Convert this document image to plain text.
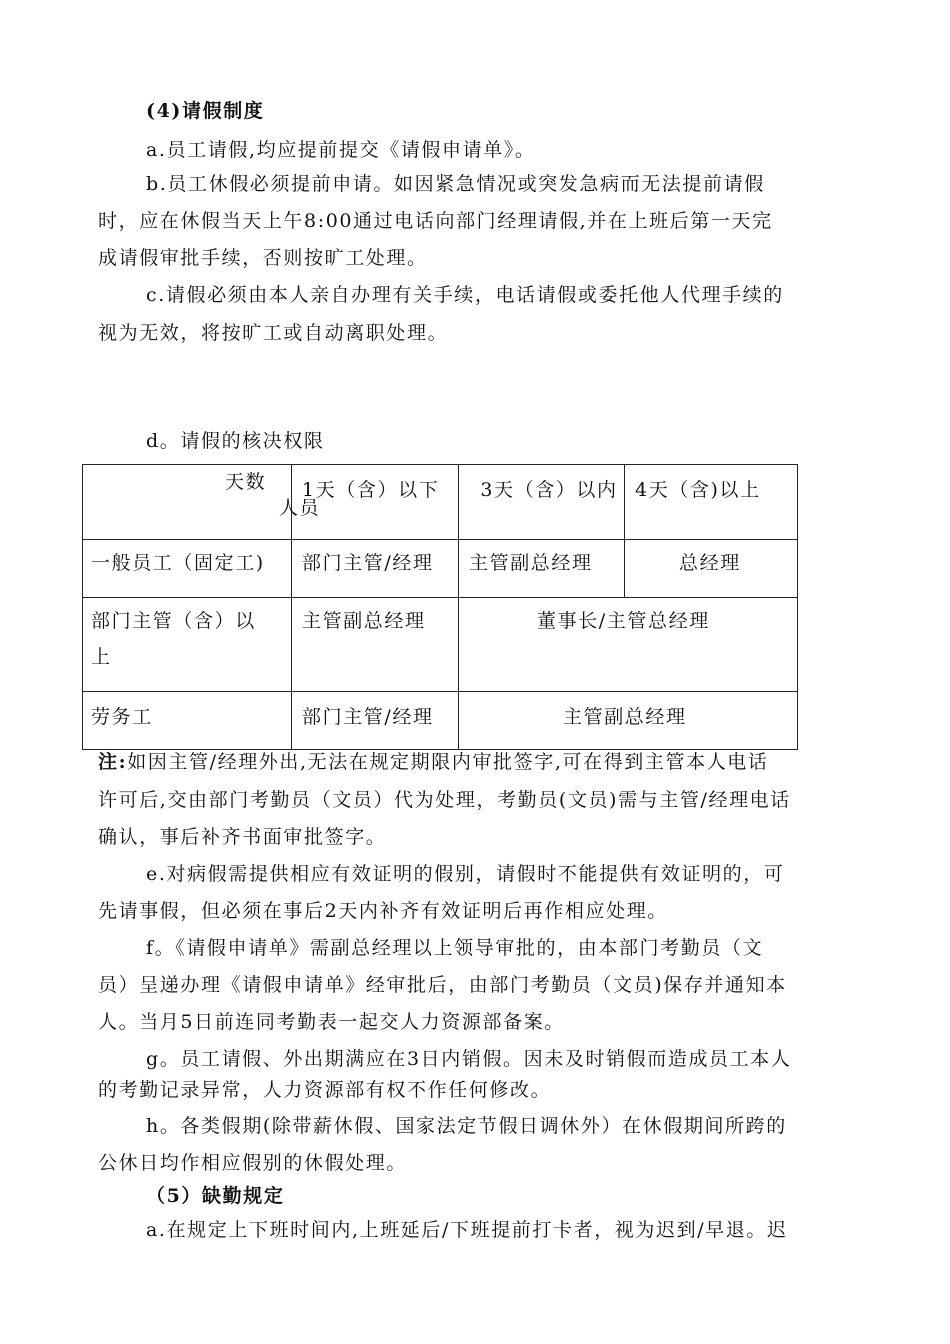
(4)请假制度
a.员工请假,均应提前提交《请假申请单》。
b.员工休假必须提前申请。如因紧急情况或突发急病而无法提前请假
时，应在休假当天上午8:00通过电话向部门经理请假,并在上班后第一天完
成请假审批手续，否则按旷工处理。
c.请假必须由本人亲自办理有关手续，电话请假或委托他人代理手续的
视为无效，将按旷工或自动离职处理。
d。请假的核决权限
天数
人员	1天（含）以下	3天（含）以内	4天（含)以上

一般员工（固定工)	部门主管/经理	主管副总经理	总经理

部门主管（含）以
上	主管副总经理	董事长/主管总经理	

劳务工	部门主管/经理	主管副总经理	
注:如因主管/经理外出,无法在规定期限内审批签字,可在得到主管本人电话
许可后,交由部门考勤员（文员）代为处理，考勤员(文员)需与主管/经理电话
确认，事后补齐书面审批签字。
e.对病假需提供相应有效证明的假别，请假时不能提供有效证明的，可
先请事假，但必须在事后2天内补齐有效证明后再作相应处理。
f。《请假申请单》需副总经理以上领导审批的，由本部门考勤员（文
员）呈递办理《请假申请单》经审批后，由部门考勤员（文员)保存并通知本
人。当月5日前连同考勤表一起交人力资源部备案。
g。员工请假、外出期满应在3日内销假。因未及时销假而造成员工本人
的考勤记录异常，人力资源部有权不作任何修改。
h。各类假期(除带薪休假、国家法定节假日调休外）在休假期间所跨的
公休日均作相应假别的休假处理。
（5）缺勤规定
a.在规定上下班时间内,上班延后/下班提前打卡者，视为迟到/早退。迟
